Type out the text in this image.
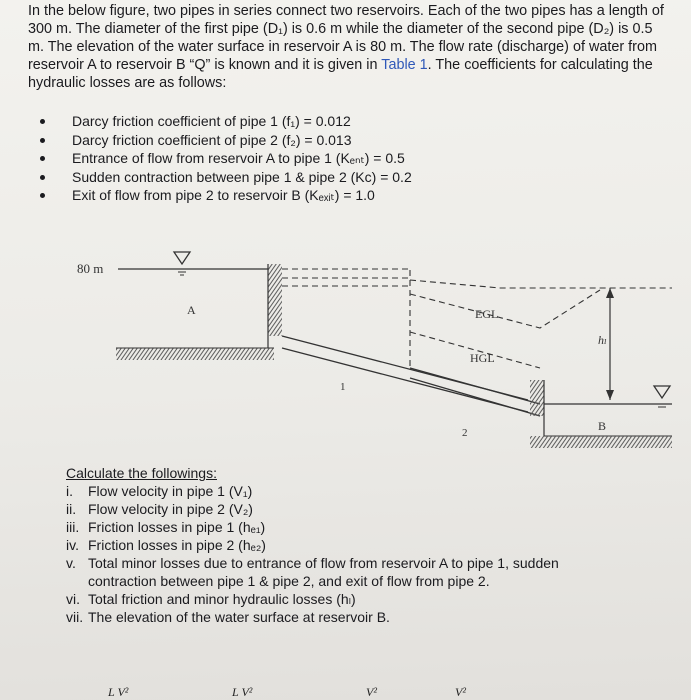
In the below figure, two pipes in series connect two reservoirs. Each of the two pipes has a length of 300 m. The diameter of the first pipe (D₁) is 0.6 m while the diameter of the second pipe (D₂) is 0.5 m. The elevation of the water surface in reservoir A is 80 m. The flow rate (discharge) of water from reservoir A to reservoir B “Q” is known and it is given in Table 1. The coefficients for calculating the hydraulic losses are as follows:
Darcy friction coefficient of pipe 1 (f₁) = 0.012
Darcy friction coefficient of pipe 2 (f₂) = 0.013
Entrance of flow from reservoir A to pipe 1 (Kₑₙₜ) = 0.5
Sudden contraction between pipe 1 & pipe 2 (Kc) = 0.2
Exit of flow from pipe 2 to reservoir B (Kₑₓᵢₜ) = 1.0
80 m
A
1
2
EGL
HGL
hₗ
B
Calculate the followings:
i. Flow velocity in pipe 1 (V₁)
ii. Flow velocity in pipe 2 (V₂)
iii. Friction losses in pipe 1 (hₑ₁)
iv. Friction losses in pipe 2 (hₑ₂)
v. Total minor losses due to entrance of flow from reservoir A to pipe 1, sudden contraction between pipe 1 & pipe 2, and exit of flow from pipe 2.
vi. Total friction and minor hydraulic losses (hₗ)
vii. The elevation of the water surface at reservoir B.
L V²	L V²	V²	V²
